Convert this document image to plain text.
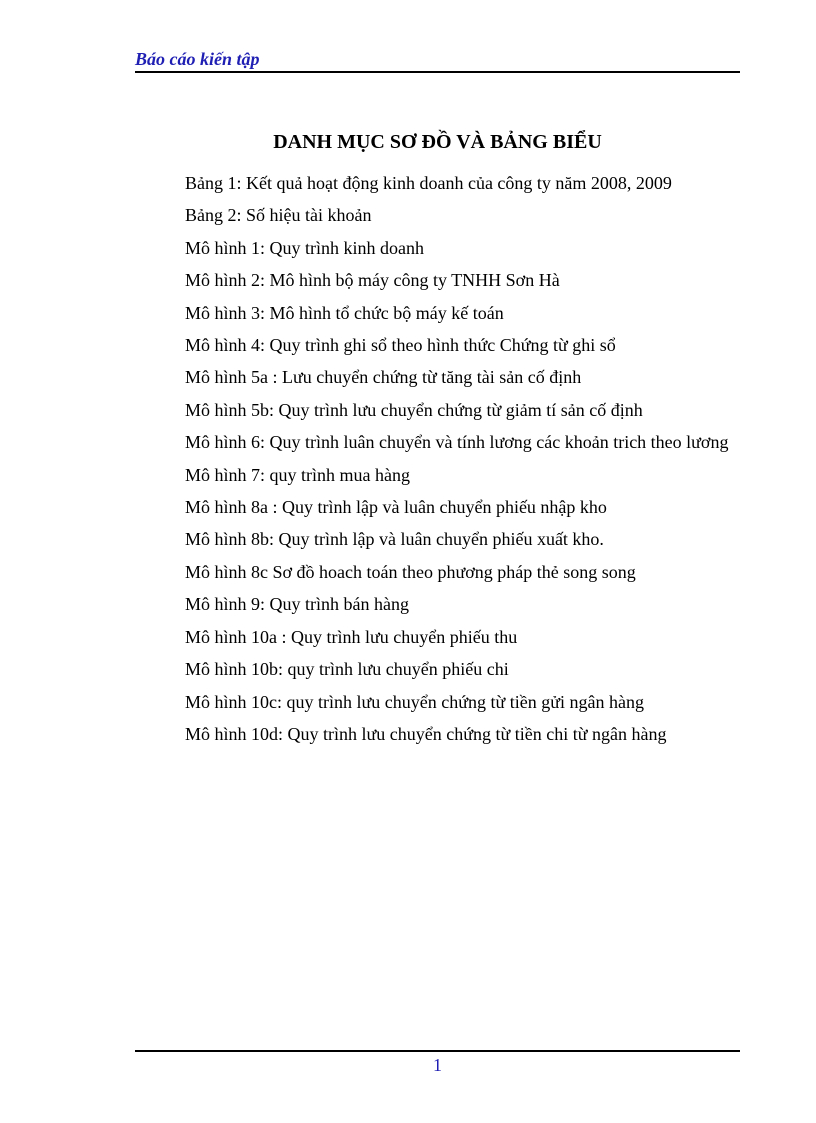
Báo cáo kiến tập
DANH MỤC SƠ ĐỒ VÀ BẢNG BIỂU
Bảng 1: Kết quả hoạt động kinh doanh của công ty năm 2008, 2009
Bảng 2: Số hiệu tài khoản
Mô hình 1: Quy trình kinh doanh
Mô hình 2: Mô hình bộ máy công ty TNHH Sơn Hà
Mô hình 3: Mô hình tổ chức bộ máy kế toán
Mô hình 4: Quy trình ghi sổ theo hình thức Chứng từ ghi sổ
Mô hình 5a : Lưu chuyển chứng từ tăng tài sản cố định
Mô hình 5b: Quy trình lưu chuyển chứng từ giảm tí sản cố định
Mô hình 6: Quy trình luân chuyển và tính lương các khoản trich theo lương
Mô hình 7: quy trình mua hàng
Mô hình 8a : Quy trình lập và luân chuyển phiếu nhập kho
Mô hình 8b: Quy trình lập và luân chuyển phiếu xuất kho.
Mô hình 8c Sơ đồ hoach toán theo phương pháp thẻ song song
Mô hình 9: Quy trình bán hàng
Mô hình 10a : Quy trình lưu chuyển phiếu thu
Mô hình 10b: quy trình lưu chuyển phiếu chi
Mô hình 10c: quy trình lưu chuyển chứng từ tiền gửi ngân hàng
Mô hình 10d: Quy trình lưu chuyển chứng từ tiền chi từ ngân hàng
1
